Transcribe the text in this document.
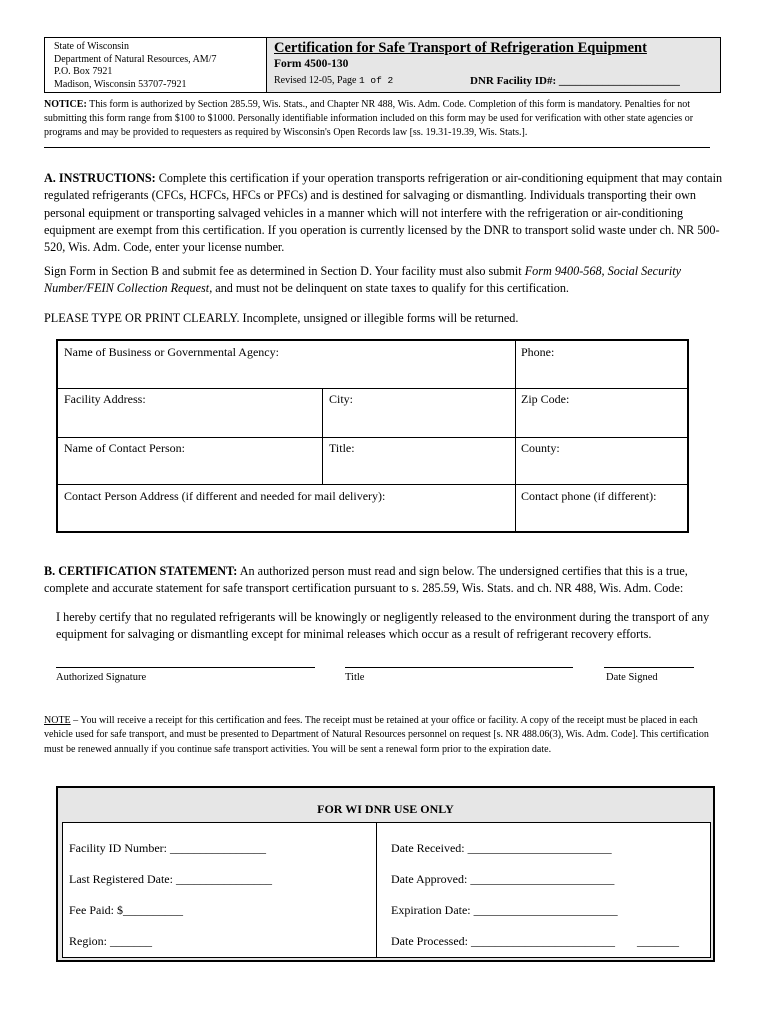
State of Wisconsin
Department of Natural Resources, AM/7
P.O. Box 7921
Madison, Wisconsin 53707-7921
Certification for Safe Transport of Refrigeration Equipment
Form 4500-130
Revised 12-05, Page 1 of 2	DNR Facility ID#: ______________________
NOTICE: This form is authorized by Section 285.59, Wis. Stats., and Chapter NR 488, Wis. Adm. Code. Completion of this form is mandatory. Penalties for not submitting this form range from $100 to $1000. Personally identifiable information included on this form may be used for verification with other state agencies or programs and may be provided to requesters as required by Wisconsin's Open Records law [ss. 19.31-19.39, Wis. Stats.].
A. INSTRUCTIONS: Complete this certification if your operation transports refrigeration or air-conditioning equipment that may contain regulated refrigerants (CFCs, HCFCs, HFCs or PFCs) and is destined for salvaging or dismantling. Individuals transporting their own personal equipment or transporting salvaged vehicles in a manner which will not interfere with the refrigeration or air-conditioning equipment are exempt from this certification. If you operation is currently licensed by the DNR to transport solid waste under ch. NR 500-520, Wis. Adm. Code, enter your license number.
Sign Form in Section B and submit fee as determined in Section D. Your facility must also submit Form 9400-568, Social Security Number/FEIN Collection Request, and must not be delinquent on state taxes to qualify for this certification.
PLEASE TYPE OR PRINT CLEARLY. Incomplete, unsigned or illegible forms will be returned.
Name of Business or Governmental Agency:	Phone:
Facility Address:	City:	Zip Code:
Name of Contact Person:	Title:	County:
Contact Person Address (if different and needed for mail delivery):	Contact phone (if different):
B. CERTIFICATION STATEMENT: An authorized person must read and sign below. The undersigned certifies that this is a true, complete and accurate statement for safe transport certification pursuant to s. 285.59, Wis. Stats. and ch. NR 488, Wis. Adm. Code:
I hereby certify that no regulated refrigerants will be knowingly or negligently released to the environment during the transport of any equipment for salvaging or dismantling except for minimal releases which occur as a result of refrigerant recovery efforts.
Authorized Signature	Title	Date Signed
NOTE – You will receive a receipt for this certification and fees. The receipt must be retained at your office or facility. A copy of the receipt must be placed in each vehicle used for safe transport, and must be presented to Department of Natural Resources personnel on request [s. NR 488.06(3), Wis. Adm. Code]. This certification must be renewed annually if you continue safe transport activities. You will be sent a renewal form prior to the expiration date.
FOR WI DNR USE ONLY
Facility ID Number: ________________	Date Received: ________________________
Last Registered Date: ________________	Date Approved: ________________________
Fee Paid: $__________	Expiration Date: ________________________
Region: _______	Date Processed: ________________________ _______
